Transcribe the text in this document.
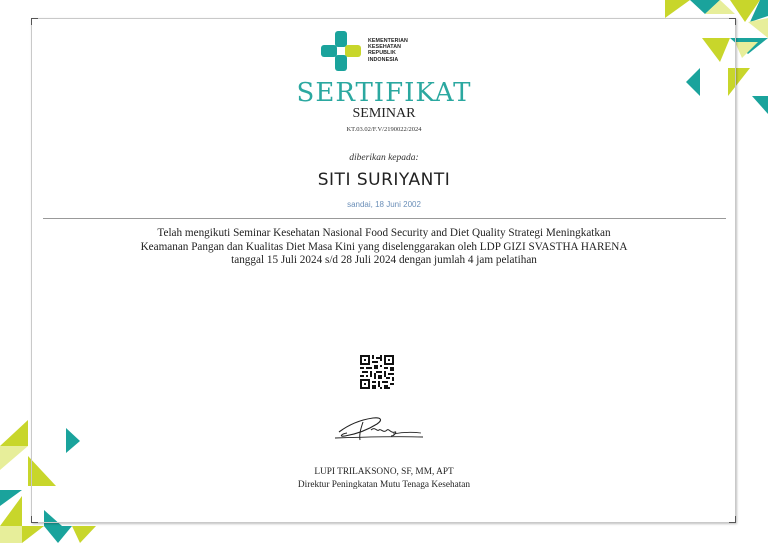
KEMENTERIAN
KESEHATAN
REPUBLIK
INDONESIA
SERTIFIKAT
SEMINAR
KT.03.02/F.V/2190022/2024
diberikan kepada:
SITI SURIYANTI
sandai, 18 Juni 2002
Telah mengikuti Seminar Kesehatan Nasional Food Security and Diet Quality Strategi Meningkatkan
Keamanan Pangan dan Kualitas Diet Masa Kini yang diselenggarakan oleh LDP GIZI SVASTHA HARENA
tanggal 15 Juli 2024 s/d 28 Juli 2024 dengan jumlah 4 jam pelatihan
LUPI TRILAKSONO, SF, MM, APT
Direktur Peningkatan Mutu Tenaga Kesehatan
